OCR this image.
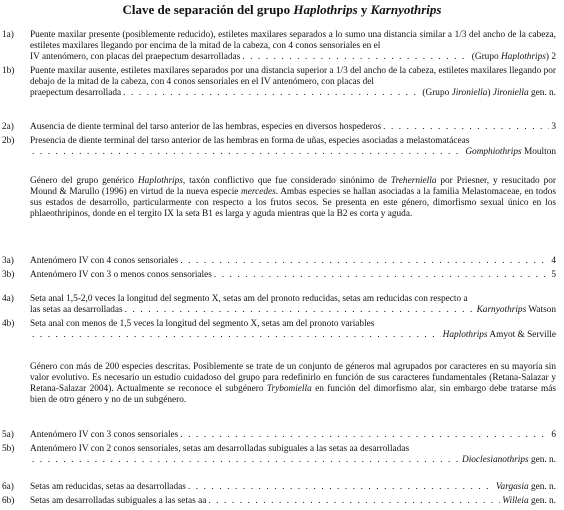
Clave de separación del grupo Haplothrips y Karnyothrips
1a) Puente maxilar presente (posiblemente reducido), estiletes maxilares separados a lo sumo una distancia similar a 1/3 del ancho de la cabeza, estiletes maxilares llegando por encima de la mitad de la cabeza, con 4 conos sensoriales en el
IV antenómero, con placas del praepectum desarrolladas . . .	(Grupo Haplothrips) 2
1b) Puente maxilar ausente, estiletes maxilares separados por una distancia superior a 1/3 del ancho de la cabeza, estiletes maxilares llegando por debajo de la mitad de la cabeza, con 4 conos sensoriales en el IV antenómero, con placas del
praepectum desarrollada . . .	(Grupo Jironiella) Jironiella gen. n.
2a) Ausencia de diente terminal del tarso anterior de las hembras, especies en diversos hospederos . . .	3
2b) Presencia de diente terminal del tarso anterior de las hembras en forma de uñas, especies asociadas a melastomatáceas
. . .
Gomphiothrips Moulton
Género del grupo genérico Haplothrips, taxón conflictivo que fue considerado sinónimo de Treherniella por Priesner, y resucitado por Mound & Marullo (1996) en virtud de la nueva especie mercedes. Ambas especies se hallan asociadas a la familia Melastomaceae, en todos sus estados de desarrollo, particularmente con respecto a los frutos secos. Se presenta en este género, dimorfismo sexual único en los phlaeothripinos, donde en el tergito IX la seta B1 es larga y aguda mientras que la B2 es corta y aguda.
3a) Antenómero IV con 4 conos sensoriales . . .	4
3b) Antenómero IV con 3 o menos conos sensoriales . . .	5
4a) Seta anal 1,5-2,0 veces la longitud del segmento X, setas am del pronoto reducidas, setas am reducidas con respecto a
las setas aa desarrolladas . . .	Karnyothrips Watson
4b) Seta anal con menos de 1,5 veces la longitud del segmento X, setas am del pronoto variables
. . .
Haplothrips Amyot & Serville
Género con más de 200 especies descritas. Posiblemente se trate de un conjunto de géneros mal agrupados por caracteres en su mayoría sin valor evolutivo. Es necesario un estudio cuidadoso del grupo para redefinirlo en función de sus caracteres fundamentales (Retana-Salazar y Retana-Salazar 2004). Actualmente se reconoce el subgénero Trybomiella en función del dimorfismo alar, sin embargo debe tratarse más bien de otro género y no de un subgénero.
5a) Antenómero IV con 3 conos sensoriales . . .	6
5b) Antenómero IV con 2 conos sensoriales, setas am desarrolladas subiguales a las setas aa desarrolladas
. . .
Dioclesianothrips gen. n.
6a) Setas am reducidas, setas aa desarrolladas . . .	Vargasia gen. n.
6b) Setas am desarrolladas subiguales a las setas aa . . .	Willeia gen. n.
